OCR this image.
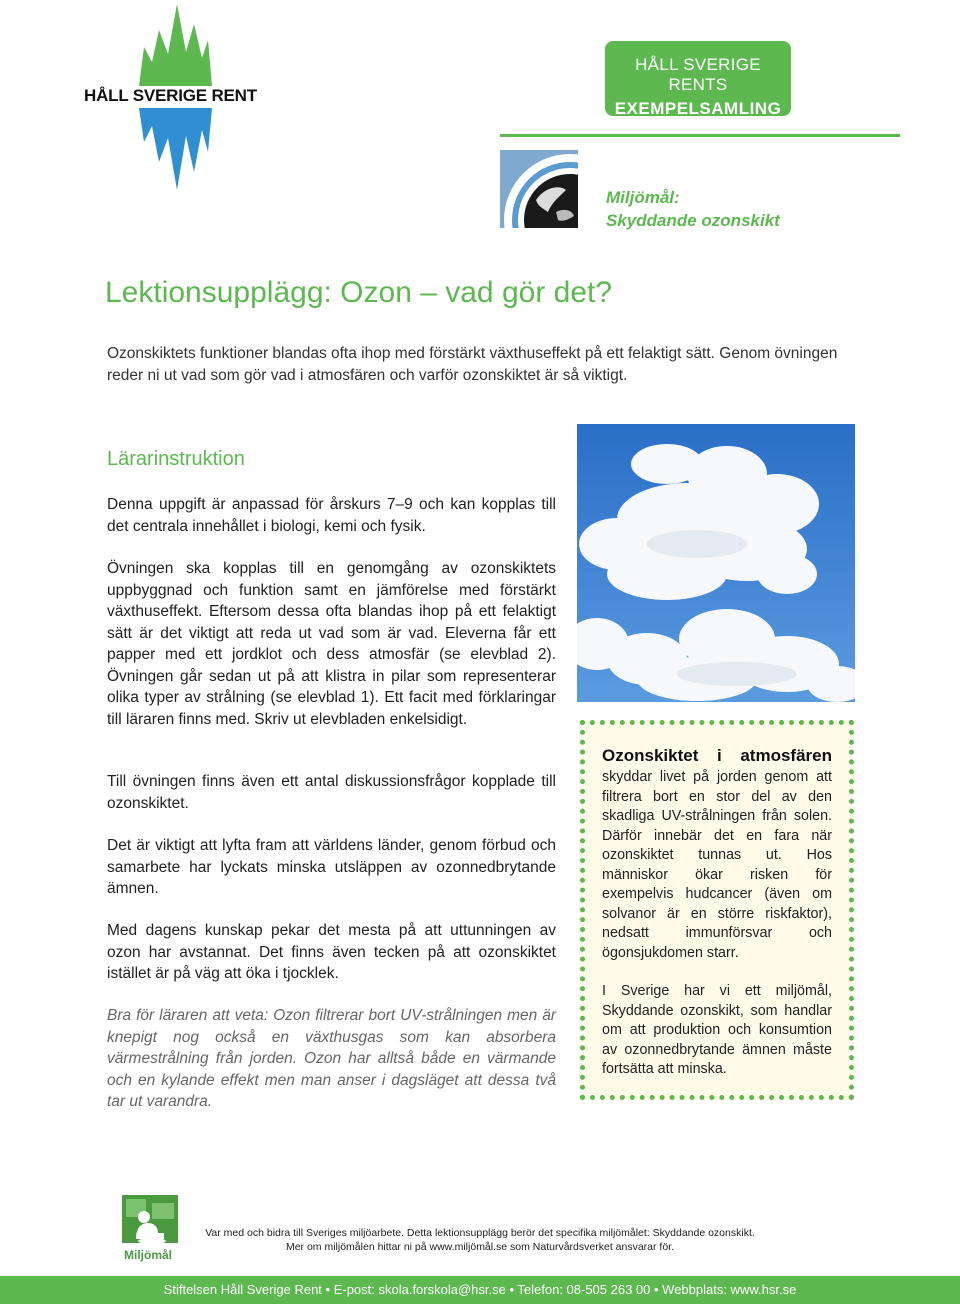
HÅLL SVERIGE RENT
HÅLL SVERIGE RENTS
EXEMPELSAMLING
Miljömål:
Skyddande ozonskikt
Lektionsupplägg: Ozon – vad gör det?

Ozonskiktets funktioner blandas ofta ihop med förstärkt växthuseffekt på ett felaktigt sätt. Genom övningen reder ni ut vad som gör vad i atmosfären och varför ozonskiktet är så viktigt.

Lärarinstruktion

Denna uppgift är anpassad för årskurs 7–9 och kan kopplas till det centrala innehållet i biologi, kemi och fysik.

Övningen ska kopplas till en genomgång av ozonskiktets uppbyggnad och funktion samt en jämförelse med förstärkt växthuseffekt. Eftersom dessa ofta blandas ihop på ett felaktigt sätt är det viktigt att reda ut vad som är vad. Eleverna får ett papper med ett jordklot och dess atmosfär (se elevblad 2). Övningen går sedan ut på att klistra in pilar som representerar olika typer av strålning (se elevblad 1). Ett facit med förklaringar till läraren finns med. Skriv ut elevbladen enkelsidigt.

Till övningen finns även ett antal diskussionsfrågor kopplade till ozonskiktet.

Det är viktigt att lyfta fram att världens länder, genom förbud och samarbete har lyckats minska utsläppen av ozonnedbrytande ämnen.

Med dagens kunskap pekar det mesta på att uttunningen av ozon har avstannat. Det finns även tecken på att ozonskiktet istället är på väg att öka i tjocklek.

Bra för läraren att veta: Ozon filtrerar bort UV-strålningen men är knepigt nog också en växthusgas som kan absorbera värmestrålning från jorden. Ozon har alltså både en värmande och en kylande effekt men man anser i dagsläget att dessa två tar ut varandra.

Ozonskiktet i atmosfären

skyddar livet på jorden genom att filtrera bort en stor del av den skadliga UV-strålningen från solen. Därför innebär det en fara när ozonskiktet tunnas ut. Hos människor ökar risken för exempelvis hudcancer (även om solvanor är en större riskfaktor), nedsatt immunförsvar och ögonsjukdomen starr.

I Sverige har vi ett miljömål, Skyddande ozonskikt, som handlar om att produktion och konsumtion av ozonnedbrytande ämnen måste fortsätta att minska.

Miljömål

Var med och bidra till Sveriges miljöarbete. Detta lektionsupplägg berör det specifika miljömålet: Skyddande ozonskikt.

Mer om miljömålen hittar ni på www.miljömål.se som Naturvårdsverket ansvarar för.

Stiftelsen Håll Sverige Rent • E-post: skola.forskola@hsr.se • Telefon: 08-505 263 00 • Webbplats: www.hsr.se
